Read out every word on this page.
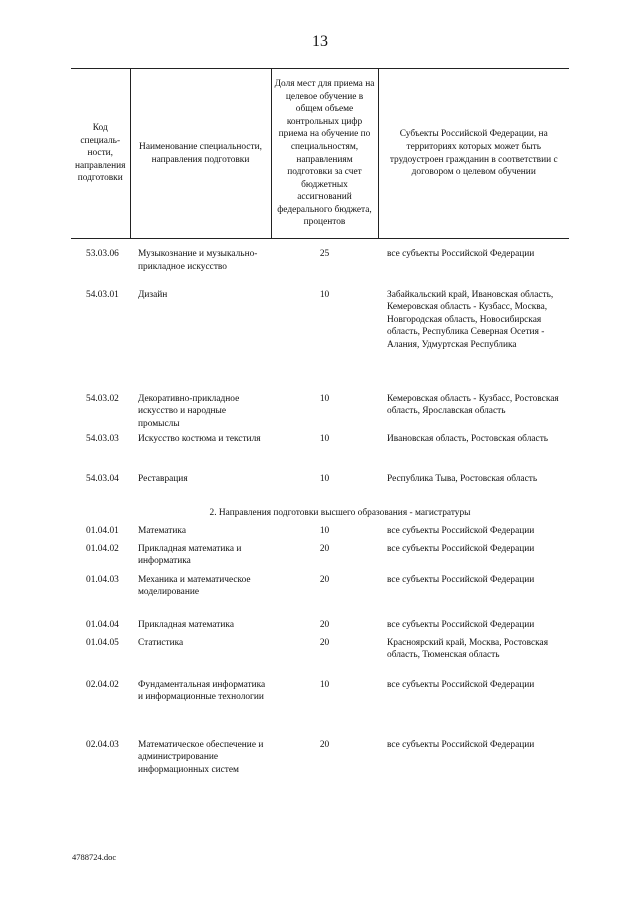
13
Код специаль-ности, направления подготовки	Наименование специальности, направления подготовки	Доля мест для приема на целевое обучение в общем объеме контрольных цифр приема на обучение по специальностям, направлениям подготовки за счет бюджетных ассигнований федерального бюджета, процентов	Субъекты Российской Федерации, на территориях которых может быть трудоустроен гражданин в соответствии с договором о целевом обучении
53.03.06	Музыкознание и музыкально-прикладное искусство	25	все субъекты Российской Федерации
54.03.01	Дизайн	10	Забайкальский край, Ивановская область, Кемеровская область - Кузбасс, Москва, Новгородская область, Новосибирская область, Республика Северная Осетия - Алания, Удмуртская Республика
54.03.02	Декоративно-прикладное искусство и народные промыслы	10	Кемеровская область - Кузбасс, Ростовская область, Ярославская область
54.03.03	Искусство костюма и текстиля	10	Ивановская область, Ростовская область
54.03.04	Реставрация	10	Республика Тыва, Ростовская область
2. Направления подготовки высшего образования - магистратуры			
01.04.01	Математика	10	все субъекты Российской Федерации
01.04.02	Прикладная математика и информатика	20	все субъекты Российской Федерации
01.04.03	Механика и математическое моделирование	20	все субъекты Российской Федерации
01.04.04	Прикладная математика	20	все субъекты Российской Федерации
01.04.05	Статистика	20	Красноярский край, Москва, Ростовская область, Тюменская область
02.04.02	Фундаментальная информатика и информационные технологии	10	все субъекты Российской Федерации
02.04.03	Математическое обеспечение и администрирование информационных систем	20	все субъекты Российской Федерации
4788724.doc
